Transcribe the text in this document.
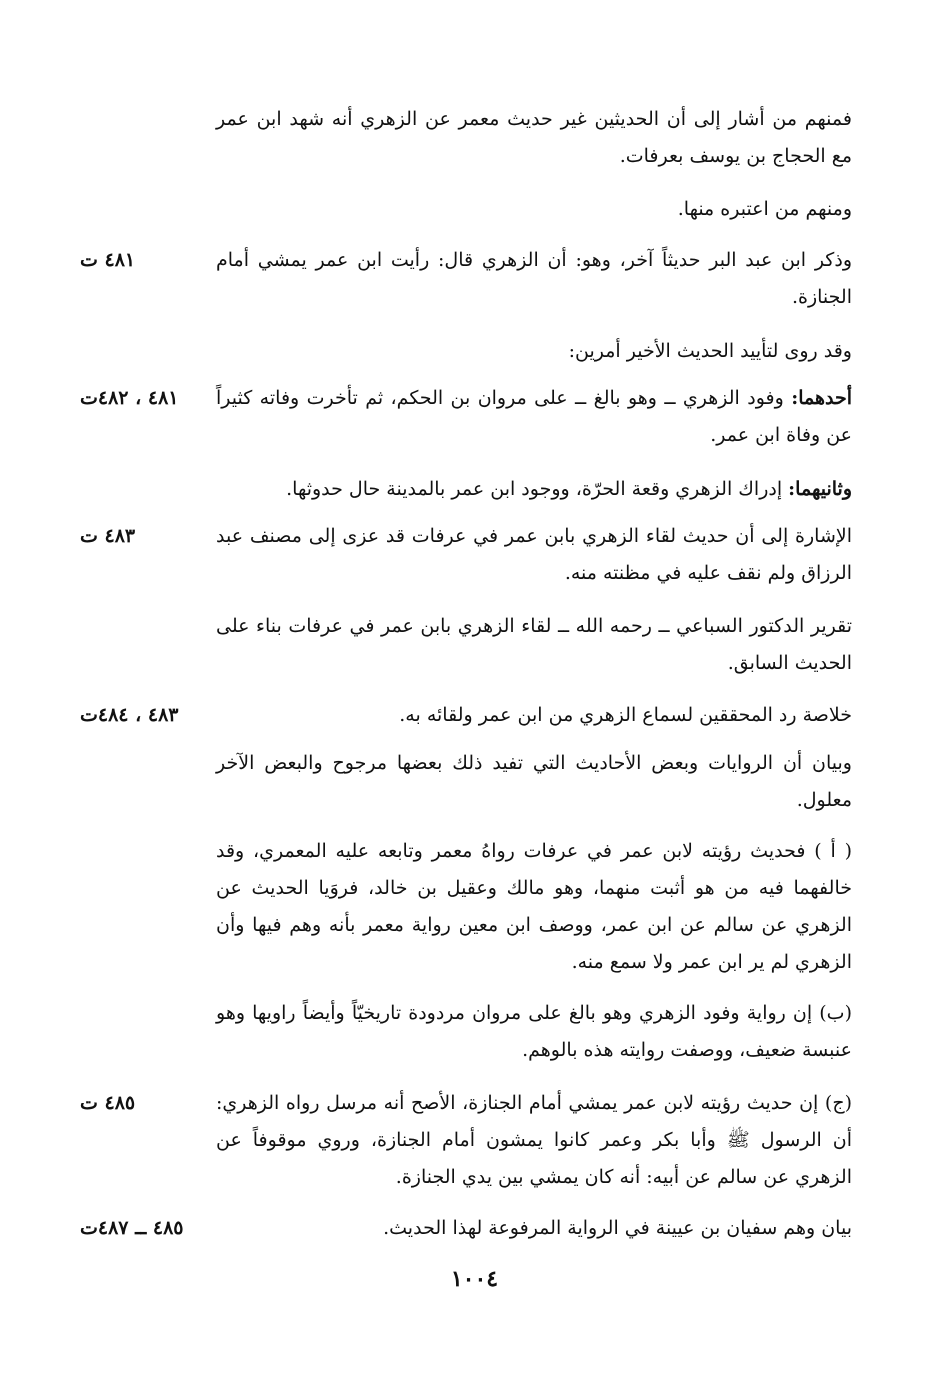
فمنهم من أشار إلى أن الحديثين غير حديث معمر عن الزهري أنه شهد ابن عمر مع الحجاج بن يوسف بعرفات.

ومنهم من اعتبره منها.

وذكر ابن عبد البر حديثاً آخر، وهو: أن الزهري قال: رأيت ابن عمر يمشي أمام الجنازة.

٤٨١ ت

وقد روى لتأييد الحديث الأخير أمرين:

أحدهما: وفود الزهري ــ وهو بالغ ــ على مروان بن الحكم، ثم تأخرت وفاته كثيراً عن وفاة ابن عمر.

٤٨١ ، ٤٨٢ت

وثانيهما: إدراك الزهري وقعة الحرّة، ووجود ابن عمر بالمدينة حال حدوثها.

الإشارة إلى أن حديث لقاء الزهري بابن عمر في عرفات قد عزى إلى مصنف عبد الرزاق ولم نقف عليه في مظنته منه.

٤٨٣ ت

تقرير الدكتور السباعي ــ رحمه الله ــ لقاء الزهري بابن عمر في عرفات بناء على الحديث السابق.

خلاصة رد المحققين لسماع الزهري من ابن عمر ولقائه به.

٤٨٣ ، ٤٨٤ت

وبيان أن الروايات وبعض الأحاديث التي تفيد ذلك بعضها مرجوح والبعض الآخر معلول.

( أ ) فحديث رؤيته لابن عمر في عرفات رواهُ معمر وتابعه عليه المعمري، وقد خالفهما فيه من هو أثبت منهما، وهو مالك وعقيل بن خالد، فروَيا الحديث عن الزهري عن سالم عن ابن عمر، ووصف ابن معين رواية معمر بأنه وهم فيها وأن الزهري لم ير ابن عمر ولا سمع منه.

(ب) إن رواية وفود الزهري وهو بالغ على مروان مردودة تاريخيّاً وأيضاً راويها وهو عنبسة ضعيف، ووصفت روايته هذه بالوهم.

(ج) إن حديث رؤيته لابن عمر يمشي أمام الجنازة، الأصح أنه مرسل رواه الزهري: أن الرسول ﷺ وأبا بكر وعمر كانوا يمشون أمام الجنازة، وروي موقوفاً عن الزهري عن سالم عن أبيه: أنه كان يمشي بين يدي الجنازة.

٤٨٥ ت

بيان وهم سفيان بن عيينة في الرواية المرفوعة لهذا الحديث.

٤٨٥ ــ ٤٨٧ت
١٠٠٤
